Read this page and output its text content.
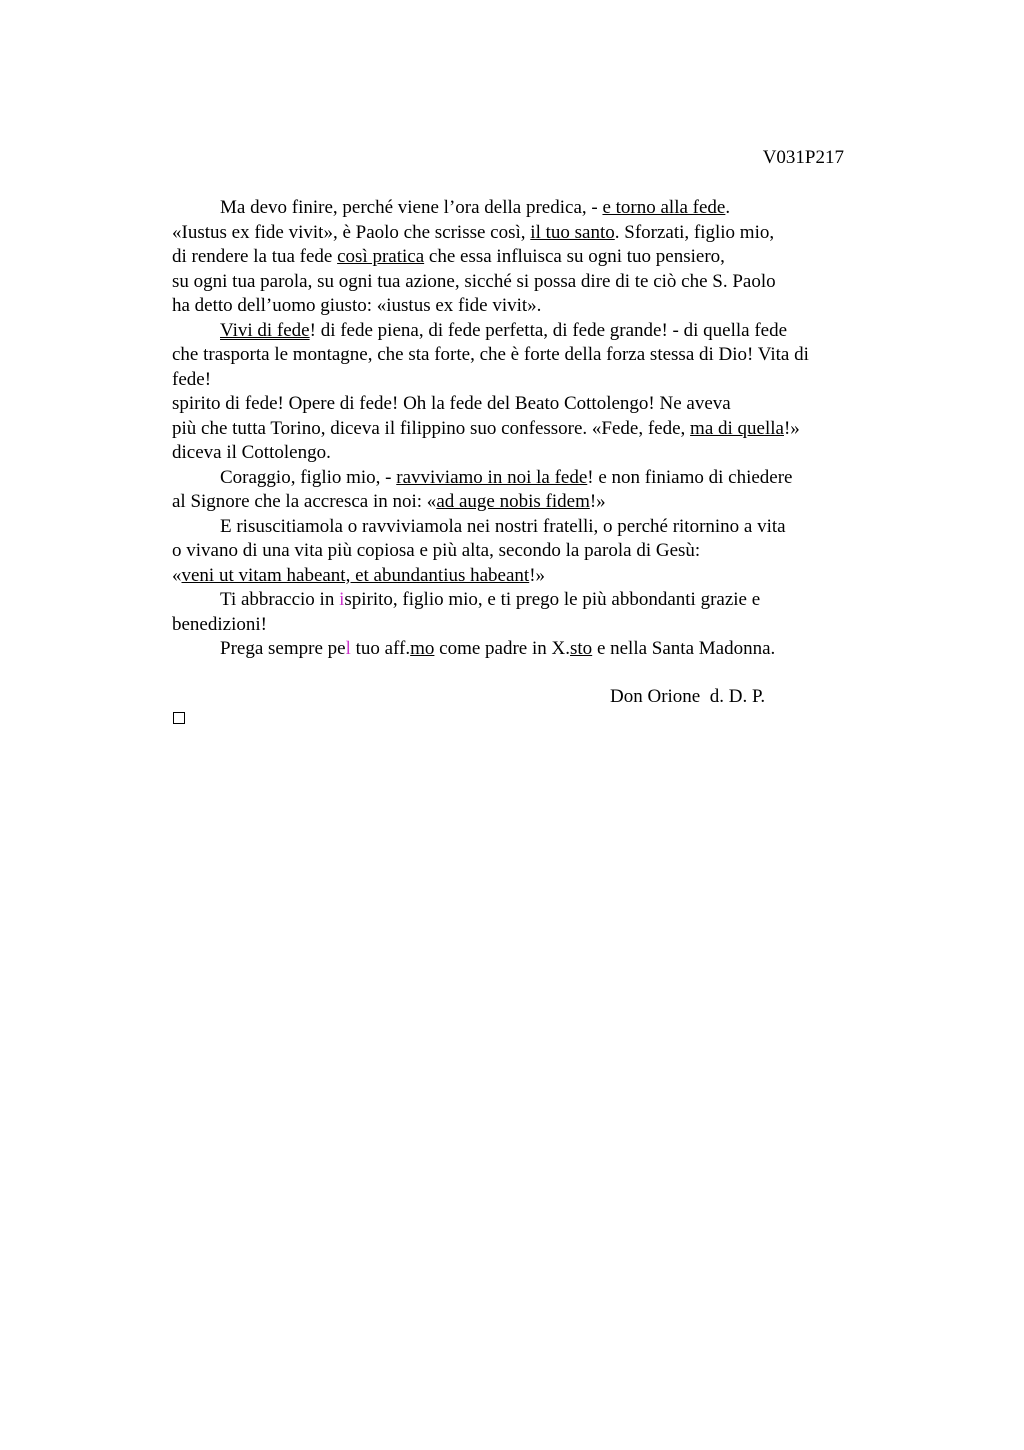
V031P217
Ma devo finire, perché viene l’ora della predica, - e torno alla fede.
«Iustus ex fide vivit», è Paolo che scrisse così, il tuo santo. Sforzati, figlio mio,
di rendere la tua fede così pratica che essa influisca su ogni tuo pensiero,
su ogni tua parola, su ogni tua azione, sicché si possa dire di te ciò che S. Paolo
ha detto dell’uomo giusto: «iustus ex fide vivit».
Vivi di fede! di fede piena, di fede perfetta, di fede grande! - di quella fede
che trasporta le montagne, che sta forte, che è forte della forza stessa di Dio! Vita di
fede!
spirito di fede! Opere di fede! Oh la fede del Beato Cottolengo! Ne aveva
più che tutta Torino, diceva il filippino suo confessore. «Fede, fede, ma di quella!»
diceva il Cottolengo.
Coraggio, figlio mio, - ravviviamo in noi la fede! e non finiamo di chiedere
al Signore che la accresca in noi: «ad auge nobis fidem!»
E risuscitiamola o ravviviamola nei nostri fratelli, o perché ritornino a vita
o vivano di una vita più copiosa e più alta, secondo la parola di Gesù:
«veni ut vitam habeant, et abundantius habeant!»
Ti abbraccio in ispirito, figlio mio, e ti prego le più abbondanti grazie e
benedizioni!
Prega sempre pel tuo aff.mo come padre in X.sto e nella Santa Madonna.
Don Orione  d. D. P.
